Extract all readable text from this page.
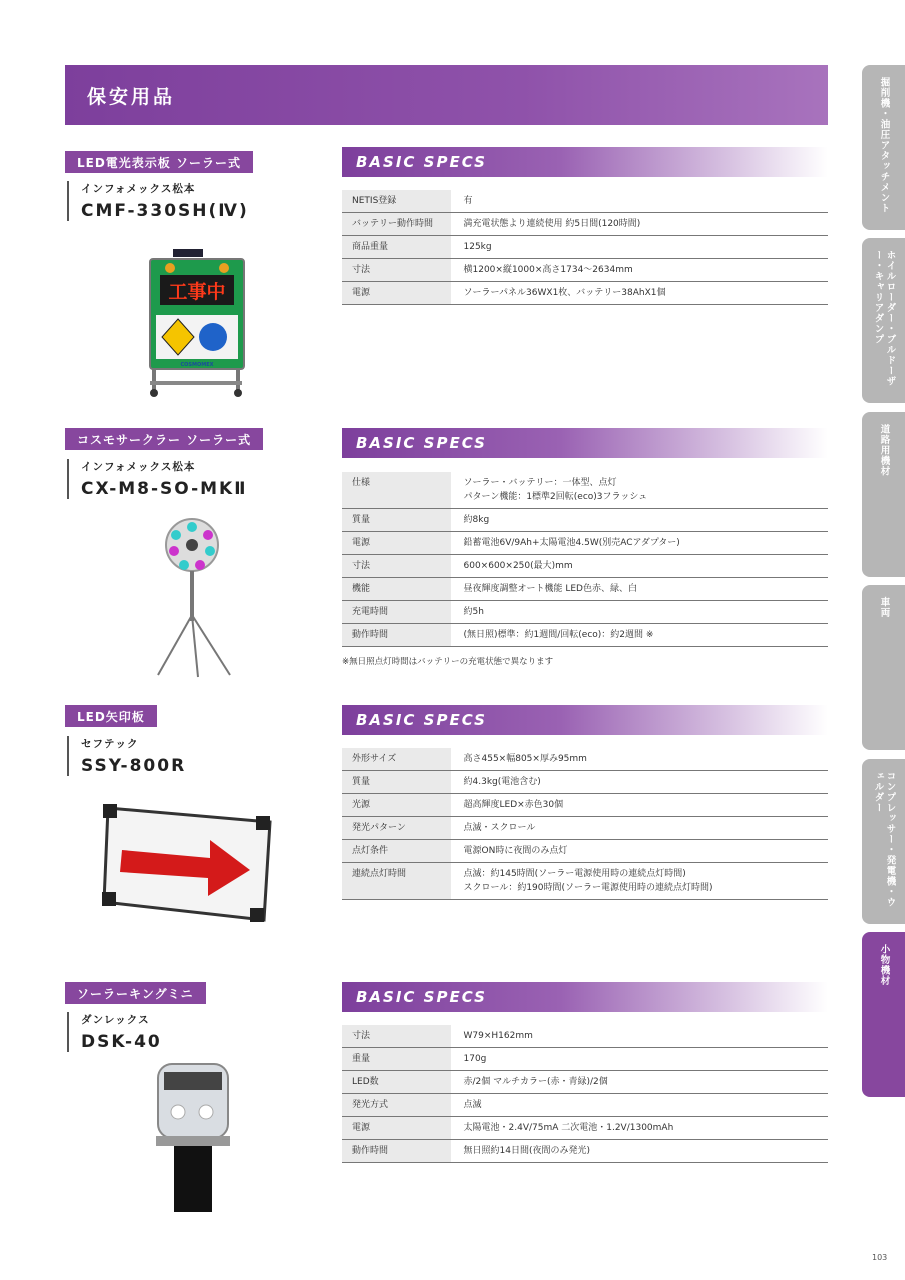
保安用品	掘削機・油圧アタッチメント
ホイルローダー・ブルドーザー・キャリアダンプ
道路用機材
車両
コンプレッサー・発電機・ウェルダー
小物機材
LED電光表示板 ソーラー式
インフォメックス松本
CMF-330SH(Ⅳ)
工事中
COSMOMEX
BASIC SPECS
NETIS登録	有
バッテリー動作時間	満充電状態より連続使用 約5日間(120時間)
商品重量	125kg
寸法	横1200×縦1000×高さ1734～2634mm
電源	ソーラーパネル36WX1枚、バッテリー38AhX1個
コスモサークラー ソーラー式
インフォメックス松本
CX-M8-SO-MKⅡ
BASIC SPECS
仕様	ソーラー・バッテリー：一体型、点灯
パターン機能：1標準2回転(eco)3フラッシュ

質量	約8kg
電源	鉛蓄電池6V/9Ah+太陽電池4.5W(別売ACアダプター)
寸法	600×600×250(最大)mm
機能	昼夜輝度調整オート機能 LED色赤、緑、白
充電時間	約5h
動作時間	(無日照)標準：約1週間/回転(eco)：約2週間 ※
※無日照点灯時間はバッテリーの充電状態で異なります
LED矢印板
セフテック
SSY-800R
BASIC SPECS
外形サイズ	高さ455×幅805×厚み95mm
質量	約4.3kg(電池含む)
光源	超高輝度LED×赤色30個
発光パターン	点滅・スクロール
点灯条件	電源ON時に夜間のみ点灯
連続点灯時間	点滅：約145時間(ソーラー電源使用時の連続点灯時間)
スクロール：約190時間(ソーラー電源使用時の連続点灯時間)
ソーラーキングミニ
ダンレックス
DSK-40
BASIC SPECS
寸法	W79×H162mm
重量	170g
LED数	赤/2個 マルチカラー(赤・青緑)/2個
発光方式	点滅
電源	太陽電池・2.4V/75mA 二次電池・1.2V/1300mAh
動作時間	無日照約14日間(夜間のみ発光)
103
